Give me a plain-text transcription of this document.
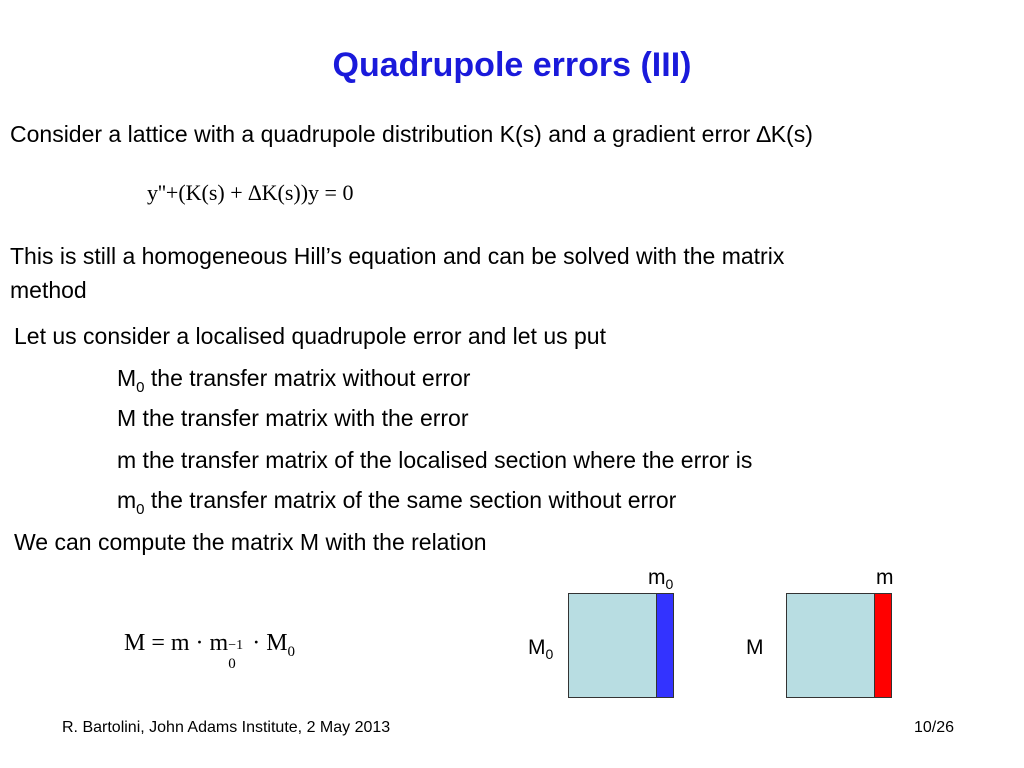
Quadrupole errors (III)
Consider a lattice with a quadrupole distribution K(s) and a gradient error ∆K(s)
y''+(K(s) + ∆K(s))y = 0
This is still a homogeneous Hill’s equation and can be solved with the matrix
method
Let us consider a localised quadrupole error and let us put
$M_0$ the transfer matrix without error
M the transfer matrix with the error
m the transfer matrix of the localised section where the error is
$m_0$ the transfer matrix of the same section without error
We can compute the matrix M with the relation
M = m · m −1
0
· $M_0$
$m_0$
$M_0$
m
M
R. Bartolini, John Adams Institute, 2 May 2013	10/26
